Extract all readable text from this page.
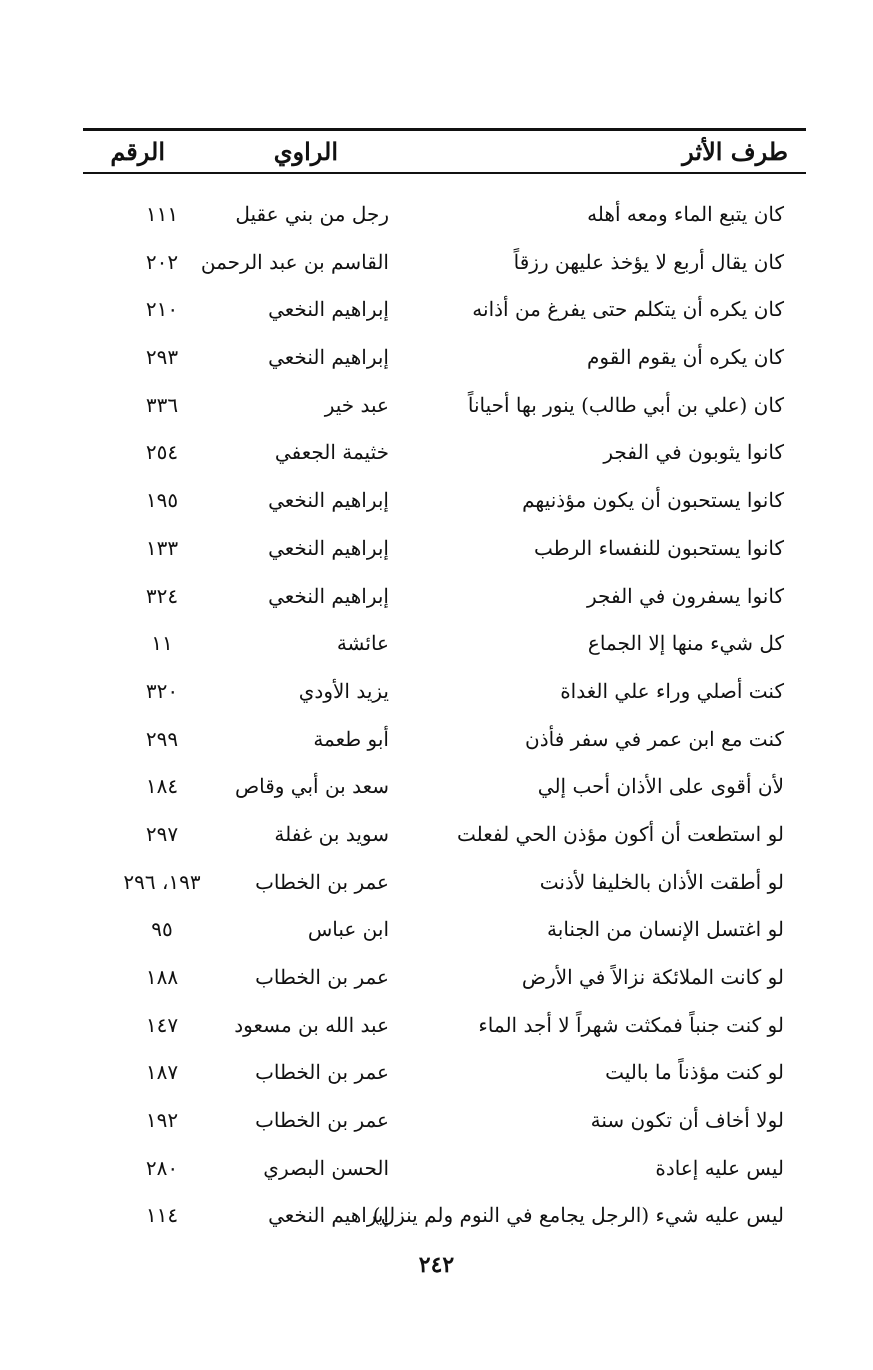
طرف الأثر
الراوي
الرقم
كان يتبع الماء ومعه أهله
رجل من بني عقيل
١١١
كان يقال أربع لا يؤخذ عليهن رزقاً
القاسم بن عبد الرحمن
٢٠٢
كان يكره أن يتكلم حتى يفرغ من أذانه
إبراهيم النخعي
٢١٠
كان يكره أن يقوم القوم
إبراهيم النخعي
٢٩٣
كان (علي بن أبي طالب) ينور بها أحياناً
عبد خير
٣٣٦
كانوا يثوبون في الفجر
خثيمة الجعفي
٢٥٤
كانوا يستحبون أن يكون مؤذنيهم
إبراهيم النخعي
١٩٥
كانوا يستحبون للنفساء الرطب
إبراهيم النخعي
١٣٣
كانوا يسفرون في الفجر
إبراهيم النخعي
٣٢٤
كل شيء منها إلا الجماع
عائشة
١١
كنت أصلي وراء علي الغداة
يزيد الأودي
٣٢٠
كنت مع ابن عمر في سفر فأذن
أبو طعمة
٢٩٩
لأن أقوى على الأذان أحب إلي
سعد بن أبي وقاص
١٨٤
لو استطعت أن أكون مؤذن الحي لفعلت
سويد بن غفلة
٢٩٧
لو أطقت الأذان بالخليفا لأذنت
عمر بن الخطاب
١٩٣، ٢٩٦
لو اغتسل الإنسان من الجنابة
ابن عباس
٩٥
لو كانت الملائكة نزالاً في الأرض
عمر بن الخطاب
١٨٨
لو كنت جنباً فمكثت شهراً لا أجد الماء
عبد الله بن مسعود
١٤٧
لو كنت مؤذناً ما باليت
عمر بن الخطاب
١٨٧
لولا أخاف أن تكون سنة
عمر بن الخطاب
١٩٢
ليس عليه إعادة
الحسن البصري
٢٨٠
ليس عليه شيء (الرجل يجامع في النوم ولم ينزل)
إبراهيم النخعي
١١٤
٢٤٢
